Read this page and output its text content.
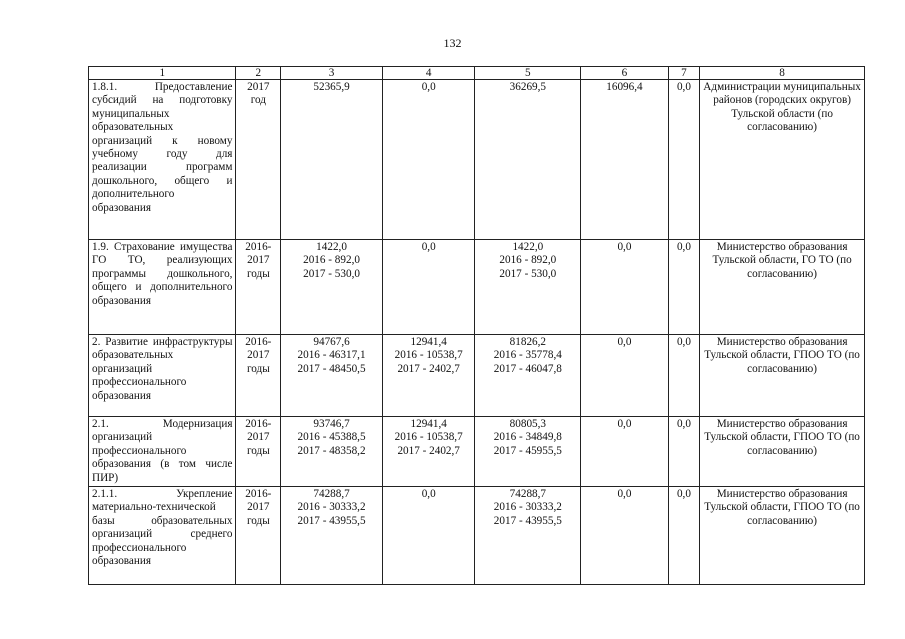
132
1	2	3	4	5	6	7	8
1.8.1. Предоставление субсидий на подготовку муниципальных образовательных организаций к новому учебному году для реализации программ дошкольного, общего и дополнительного образования	2017 год	52365,9	0,0	36269,5	16096,4	0,0	Администрации муниципальных районов (городских округов) Тульской области (по согласованию)
1.9. Страхование имущества ГО ТО, реализующих программы дошкольного, общего и дополнительного образования	2016-2017 годы	1422,0
2016 - 892,0
2017 - 530,0	0,0	1422,0
2016 - 892,0
2017 - 530,0	0,0	0,0	Министерство образования Тульской области, ГО ТО (по согласованию)
2. Развитие инфраструктуры образовательных организаций профессионального образования	2016-2017 годы	94767,6
2016 - 46317,1
2017 - 48450,5	12941,4
2016 - 10538,7
2017 - 2402,7	81826,2
2016 - 35778,4
2017 - 46047,8	0,0	0,0	Министерство образования Тульской области, ГПОО ТО (по согласованию)
2.1. Модернизация организаций профессионального образования (в том числе ПИР)	2016-2017 годы	93746,7
2016 - 45388,5
2017 - 48358,2	12941,4
2016 - 10538,7
2017 - 2402,7	80805,3
2016 - 34849,8
2017 - 45955,5	0,0	0,0	Министерство образования Тульской области, ГПОО ТО (по согласованию)
2.1.1. Укрепление материально-технической базы образовательных организаций среднего профессионального образования	2016-2017 годы	74288,7
2016 - 30333,2
2017 - 43955,5	0,0	74288,7
2016 - 30333,2
2017 - 43955,5	0,0	0,0	Министерство образования Тульской области, ГПОО ТО (по согласованию)
